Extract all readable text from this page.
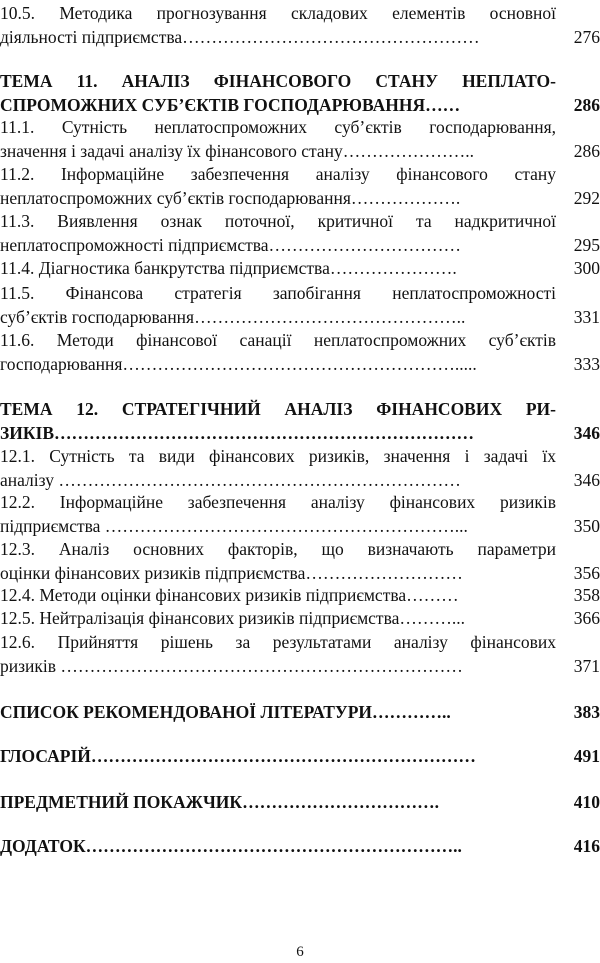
10.5. Методика прогнозування складових елементів основної
діяльності підприємства……………………………………………	276
ТЕМА 11. АНАЛІЗ ФІНАНСОВОГО СТАНУ НЕПЛАТО-
СПРОМОЖНИХ СУБ’ЄКТІВ ГОСПОДАРЮВАННЯ……	286
11.1. Сутність неплатоспроможних суб’єктів господарювання,
значення і задачі аналізу їх фінансового стану…………………..	286
11.2. Інформаційне забезпечення аналізу фінансового стану
неплатоспроможних суб’єктів господарювання……………….	292
11.3. Виявлення ознак поточної, критичної та надкритичної
неплатоспроможності підприємства……………………………	295
11.4. Діагностика банкрутства підприємства………………….	300
11.5. Фінансова стратегія запобігання неплатоспроможності
суб’єктів господарювання………………………………………..	331
11.6. Методи фінансової санації неплатоспроможних суб’єктів
господарювання………………………………………………….....	333
ТЕМА 12. СТРАТЕГІЧНИЙ АНАЛІЗ ФІНАНСОВИХ РИ-
ЗИКІВ………………………………………………………………	346
12.1. Сутність та види фінансових ризиків, значення і задачі їх
аналізу ……………………………………………………………	346
12.2. Інформаційне забезпечення аналізу фінансових ризиків
підприємства ……………………………………………………...	350
12.3. Аналіз основних факторів, що визначають параметри
оцінки фінансових ризиків підприємства………………………	356
12.4. Методи оцінки фінансових ризиків підприємства………	358
12.5. Нейтралізація фінансових ризиків підприємства………...	366
12.6. Прийняття рішень за результатами аналізу фінансових
ризиків ……………………………………………………………	371
СПИСОК РЕКОМЕНДОВАНОЇ ЛІТЕРАТУРИ…………..	383
ГЛОСАРІЙ…………………………………………………………	491
ПРЕДМЕТНИЙ ПОКАЖЧИК…………………………….	410
ДОДАТОК………………………………………………………..	416
6
